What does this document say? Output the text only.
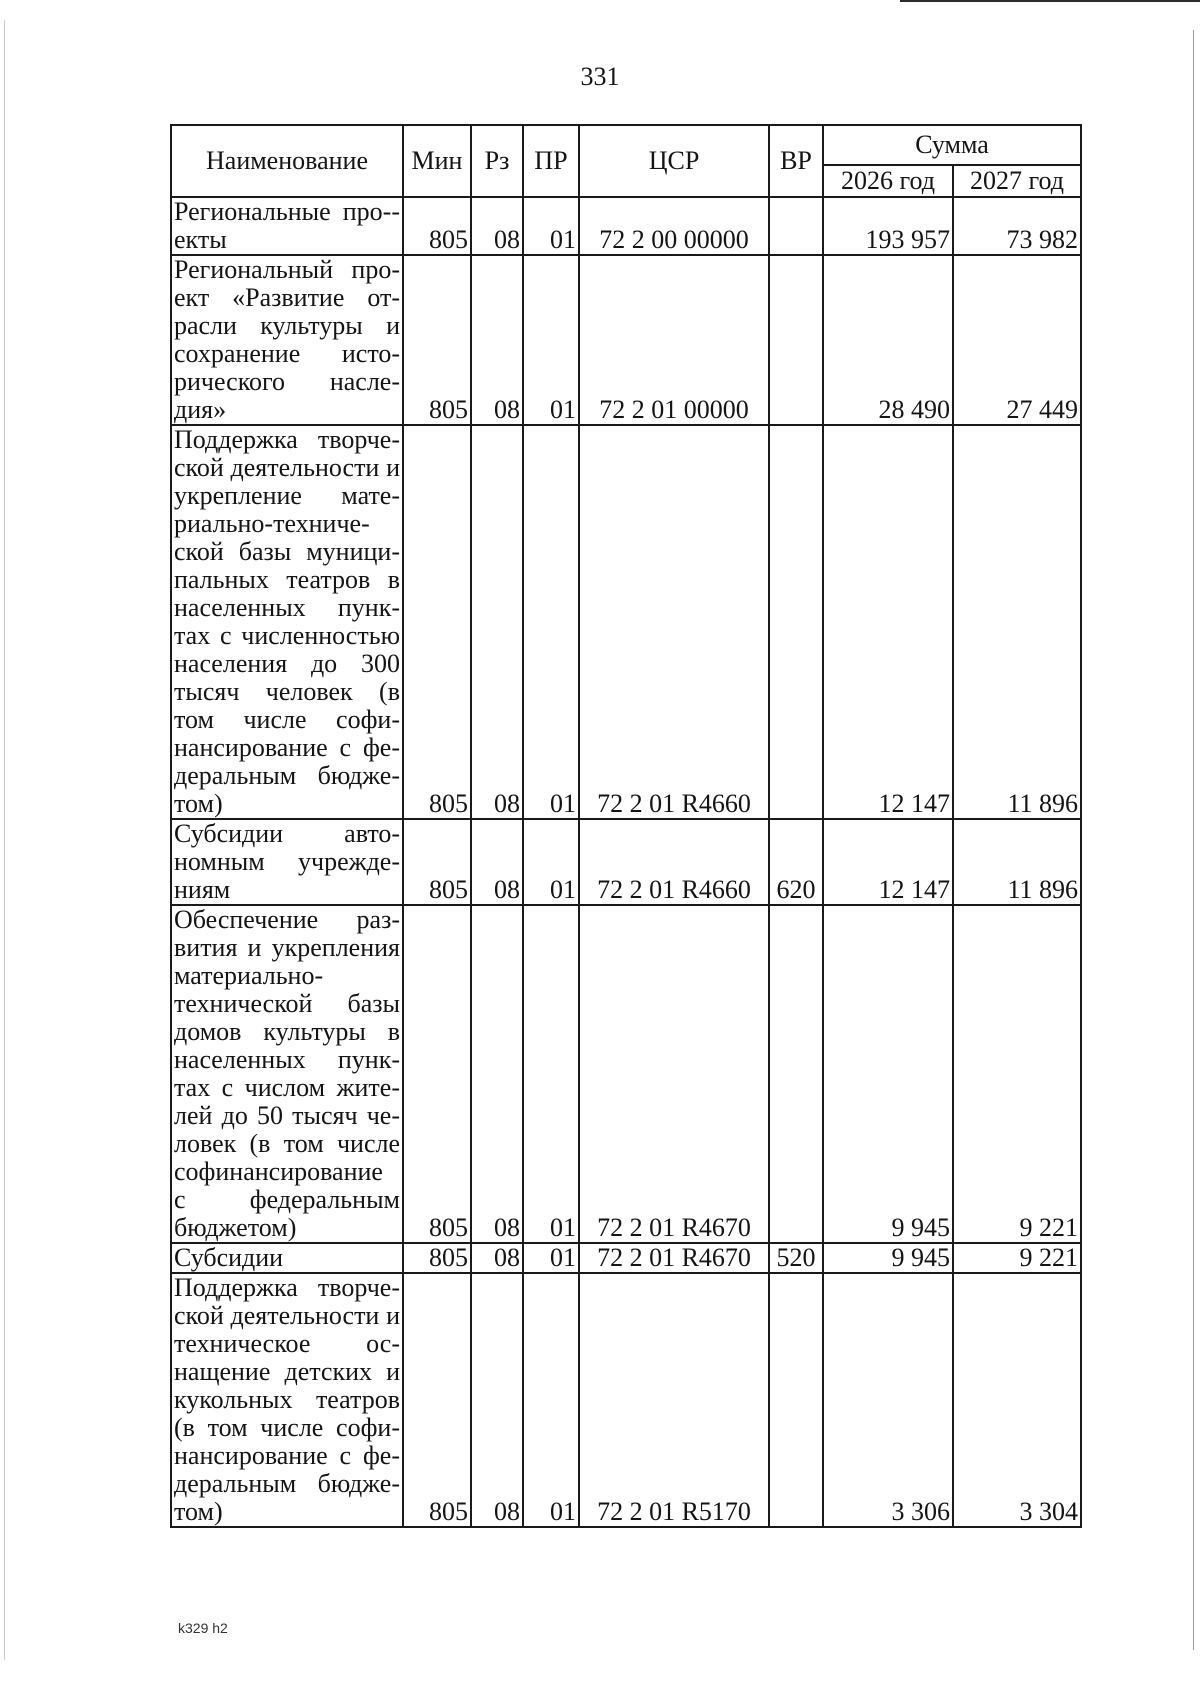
331
Наименование	Мин	Рз	ПР	ЦСР	ВР	Сумма	
						2026 год	2027 год
Региональные про-екты	805	08	01	72 2 00 00000		193 957	73 982
Региональный про-ект «Развитие от-расли культуры и сохранение исто-рического насле-дия»	805	08	01	72 2 01 00000		28 490	27 449
Поддержка творче-ской деятельности и укрепление мате-риально-техниче-ской базы муници-пальных театров в населенных пунк-тах с численностью населения до 300 тысяч человек (в том числе софи-нансирование с фе-деральным бюдже-том)	805	08	01	72 2 01 R4660		12 147	11 896
Субсидии авто-номным учрежде-ниям	805	08	01	72 2 01 R4660	620	12 147	11 896
Обеспечение раз-вития и укрепления материально-технической базы домов культуры в населенных пунк-тах с числом жите-лей до 50 тысяч че-ловек (в том числе софинансирование с федеральным бюджетом)	805	08	01	72 2 01 R4670		9 945	9 221
Субсидии	805	08	01	72 2 01 R4670	520	9 945	9 221
Поддержка творче-ской деятельности и техническое ос-нащение детских и кукольных театров (в том числе софи-нансирование с фе-деральным бюдже-том)	805	08	01	72 2 01 R5170		3 306	3 304
k329 h2
